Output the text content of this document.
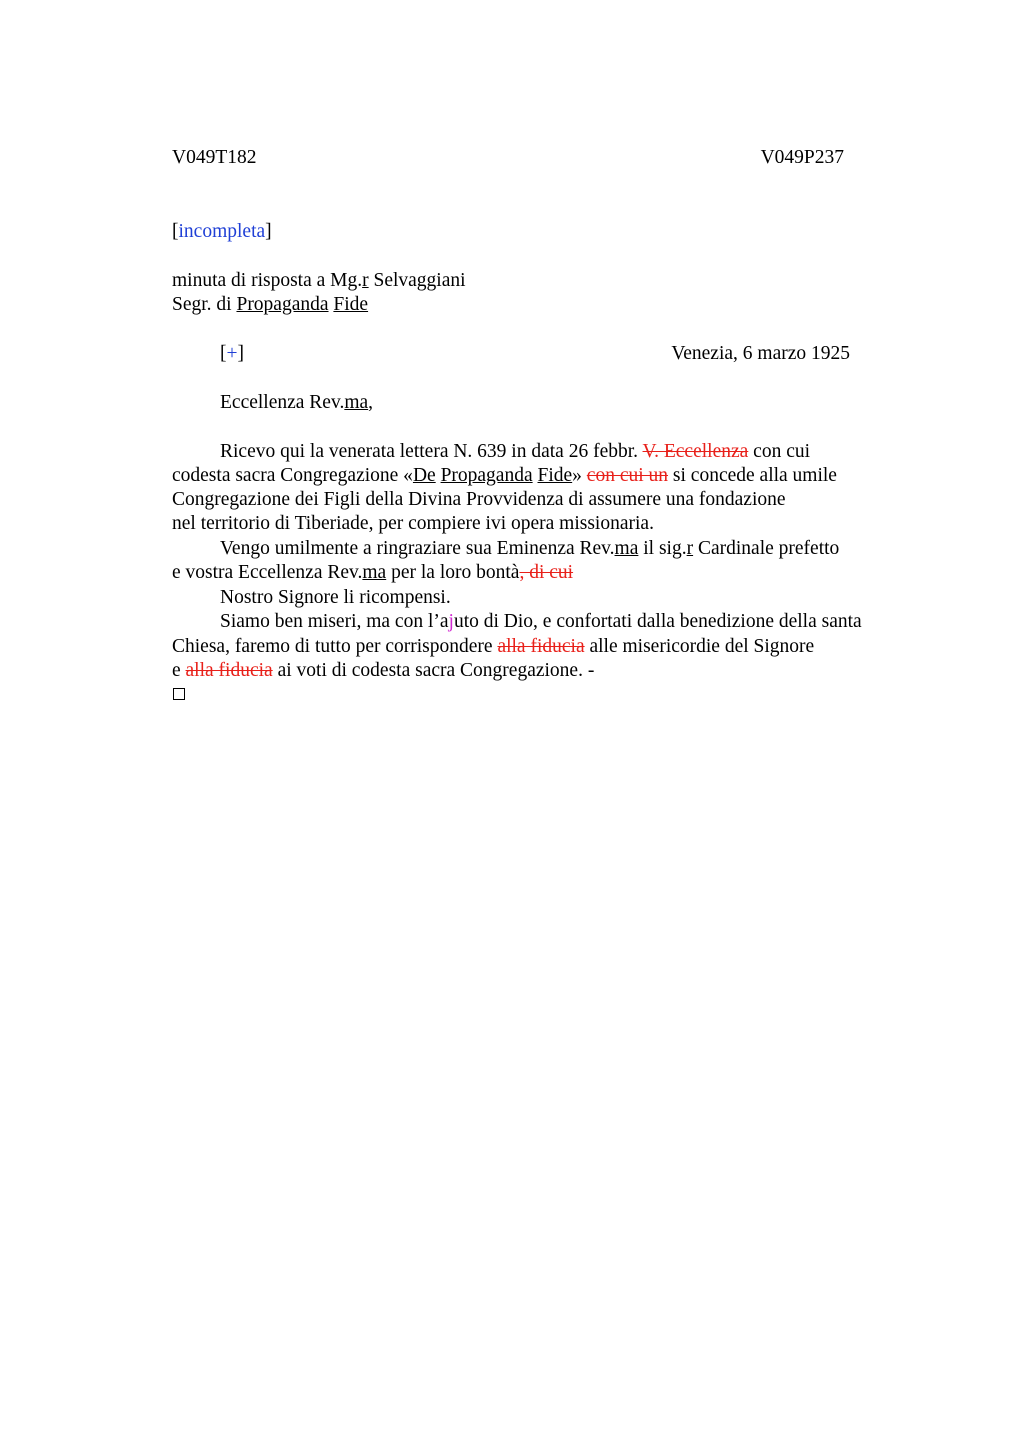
V049T182	V049P237
[incompleta]
minuta di risposta a Mg.r Selvaggiani
Segr. di Propaganda Fide
[+]	Venezia, 6 marzo 1925
Eccellenza Rev.ma,
Ricevo qui la venerata lettera N. 639 in data 26 febbr. V. Eccellenza con cui
codesta sacra Congregazione «De Propaganda Fide» con cui un si concede alla umile
Congregazione dei Figli della Divina Provvidenza di assumere una fondazione
nel territorio di Tiberiade, per compiere ivi opera missionaria.
Vengo umilmente a ringraziare sua Eminenza Rev.ma il sig.r Cardinale prefetto
e vostra Eccellenza Rev.ma per la loro bontà, di cui
Nostro Signore li ricompensi.
Siamo ben miseri, ma con l’ajuto di Dio, e confortati dalla benedizione della santa
Chiesa, faremo di tutto per corrispondere alla fiducia alle misericordie del Signore
e alla fiducia ai voti di codesta sacra Congregazione. -
